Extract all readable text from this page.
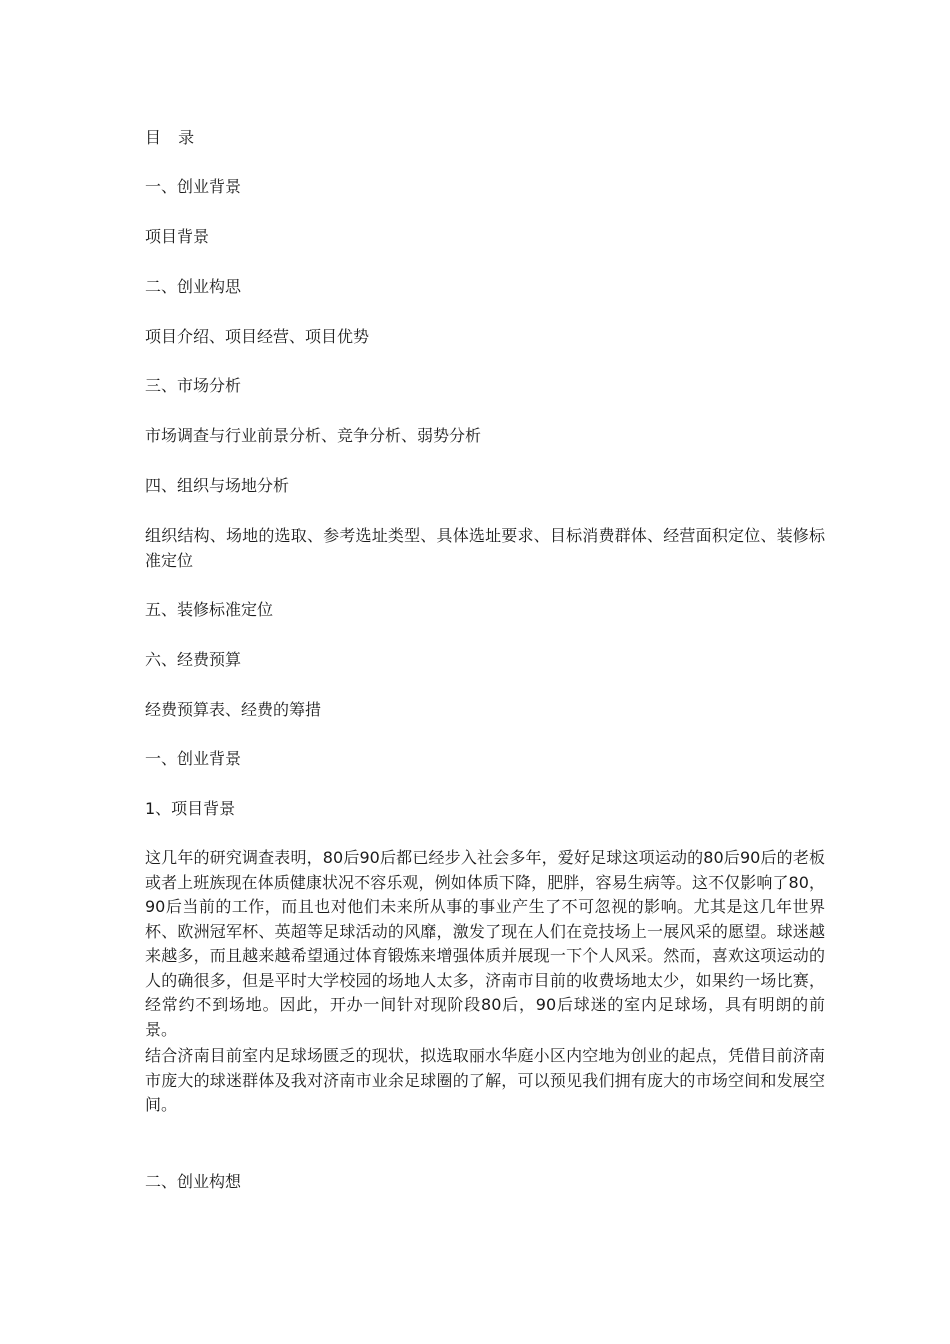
目 录

一、创业背景

项目背景

二、创业构思

项目介绍、项目经营、项目优势

三、市场分析

市场调查与行业前景分析、竞争分析、弱势分析

四、组织与场地分析

组织结构、场地的选取、参考选址类型、具体选址要求、目标消费群体、经营面积定位、装修标准定位

五、装修标准定位

六、经费预算

经费预算表、经费的筹措

一、创业背景

1、项目背景

这几年的研究调查表明，80后90后都已经步入社会多年，爱好足球这项运动的80后90后的老板或者上班族现在体质健康状况不容乐观，例如体质下降，肥胖，容易生病等。这不仅影响了80，90后当前的工作，而且也对他们未来所从事的事业产生了不可忽视的影响。尤其是这几年世界杯、欧洲冠军杯、英超等足球活动的风靡，激发了现在人们在竞技场上一展风采的愿望。球迷越来越多，而且越来越希望通过体育锻炼来增强体质并展现一下个人风采。然而，喜欢这项运动的人的确很多，但是平时大学校园的场地人太多，济南市目前的收费场地太少，如果约一场比赛，经常约不到场地。因此，开办一间针对现阶段80后，90后球迷的室内足球场，具有明朗的前景。

结合济南目前室内足球场匮乏的现状，拟选取丽水华庭小区内空地为创业的起点，凭借目前济南市庞大的球迷群体及我对济南市业余足球圈的了解，可以预见我们拥有庞大的市场空间和发展空间。

二、创业构想
